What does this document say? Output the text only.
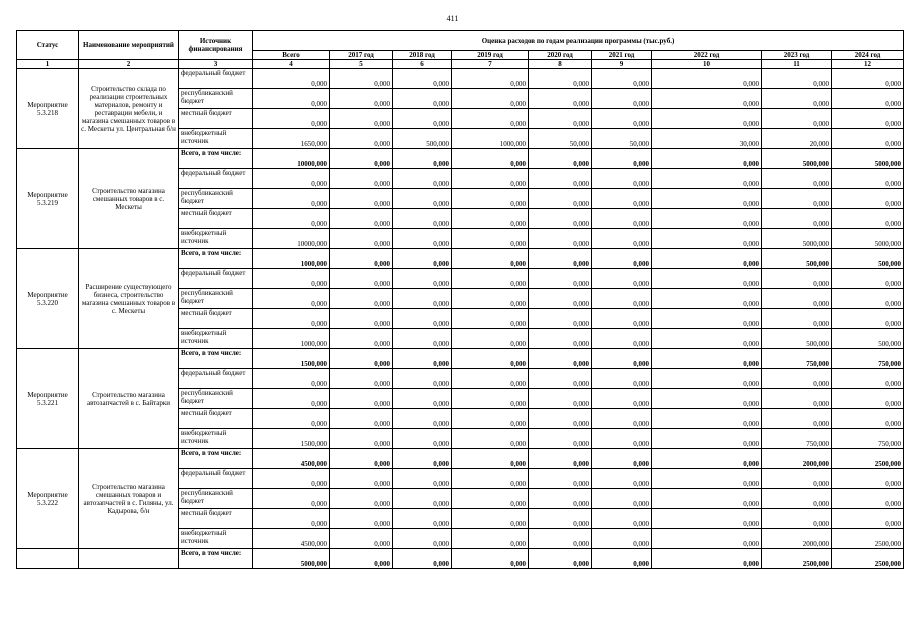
411
Статус	Наименование мероприятий	Источник финансирования	Оценка расходов по годам реализации программы (тыс.руб.)								
			Всего	2017 год	2018 год	2019 год	2020 год	2021 год	2022 год	2023 год	2024 год
1	2	3	4	5	6	7	8	9	10	11	12
Мероприятие 5.3.218	Строительство склада по реализации строительных материалов, ремонту и реставрации мебели, и магазина смешанных товаров в с. Мескеты ул. Центральная б/н	федеральный бюджет	0,000	0,000	0,000	0,000	0,000	0,000	0,000	0,000	0,000
		республиканский бюджет	0,000	0,000	0,000	0,000	0,000	0,000	0,000	0,000	0,000
		местный бюджет	0,000	0,000	0,000	0,000	0,000	0,000	0,000	0,000	0,000
		внебюджетный источник	1650,000	0,000	500,000	1000,000	50,000	50,000	30,000	20,000	0,000
Мероприятие 5.3.219	Строительство магазина смешанных товаров в с. Мескеты	Всего, в том числе:	10000,000	0,000	0,000	0,000	0,000	0,000	0,000	5000,000	5000,000
		федеральный бюджет	0,000	0,000	0,000	0,000	0,000	0,000	0,000	0,000	0,000
		республиканский бюджет	0,000	0,000	0,000	0,000	0,000	0,000	0,000	0,000	0,000
		местный бюджет	0,000	0,000	0,000	0,000	0,000	0,000	0,000	0,000	0,000
		внебюджетный источник	10000,000	0,000	0,000	0,000	0,000	0,000	0,000	5000,000	5000,000
Мероприятие 5.3.220	Расширение существующего бизнеса, строительство магазина смешанных товаров в с. Мескеты	Всего, в том числе:	1000,000	0,000	0,000	0,000	0,000	0,000	0,000	500,000	500,000
		федеральный бюджет	0,000	0,000	0,000	0,000	0,000	0,000	0,000	0,000	0,000
		республиканский бюджет	0,000	0,000	0,000	0,000	0,000	0,000	0,000	0,000	0,000
		местный бюджет	0,000	0,000	0,000	0,000	0,000	0,000	0,000	0,000	0,000
		внебюджетный источник	1000,000	0,000	0,000	0,000	0,000	0,000	0,000	500,000	500,000
Мероприятие 5.3.221	Строительство магазина автозапчастей в с. Байтарки	Всего, в том числе:	1500,000	0,000	0,000	0,000	0,000	0,000	0,000	750,000	750,000
		федеральный бюджет	0,000	0,000	0,000	0,000	0,000	0,000	0,000	0,000	0,000
		республиканский бюджет	0,000	0,000	0,000	0,000	0,000	0,000	0,000	0,000	0,000
		местный бюджет	0,000	0,000	0,000	0,000	0,000	0,000	0,000	0,000	0,000
		внебюджетный источник	1500,000	0,000	0,000	0,000	0,000	0,000	0,000	750,000	750,000
Мероприятие 5.3.222	Строительство магазина смешанных товаров и автозапчастей в с. Гиляны, ул. Кадырова, б/н	Всего, в том числе:	4500,000	0,000	0,000	0,000	0,000	0,000	0,000	2000,000	2500,000
		федеральный бюджет	0,000	0,000	0,000	0,000	0,000	0,000	0,000	0,000	0,000
		республиканский бюджет	0,000	0,000	0,000	0,000	0,000	0,000	0,000	0,000	0,000
		местный бюджет	0,000	0,000	0,000	0,000	0,000	0,000	0,000	0,000	0,000
		внебюджетный источник	4500,000	0,000	0,000	0,000	0,000	0,000	0,000	2000,000	2500,000
		Всего, в том числе:	5000,000	0,000	0,000	0,000	0,000	0,000	0,000	2500,000	2500,000
